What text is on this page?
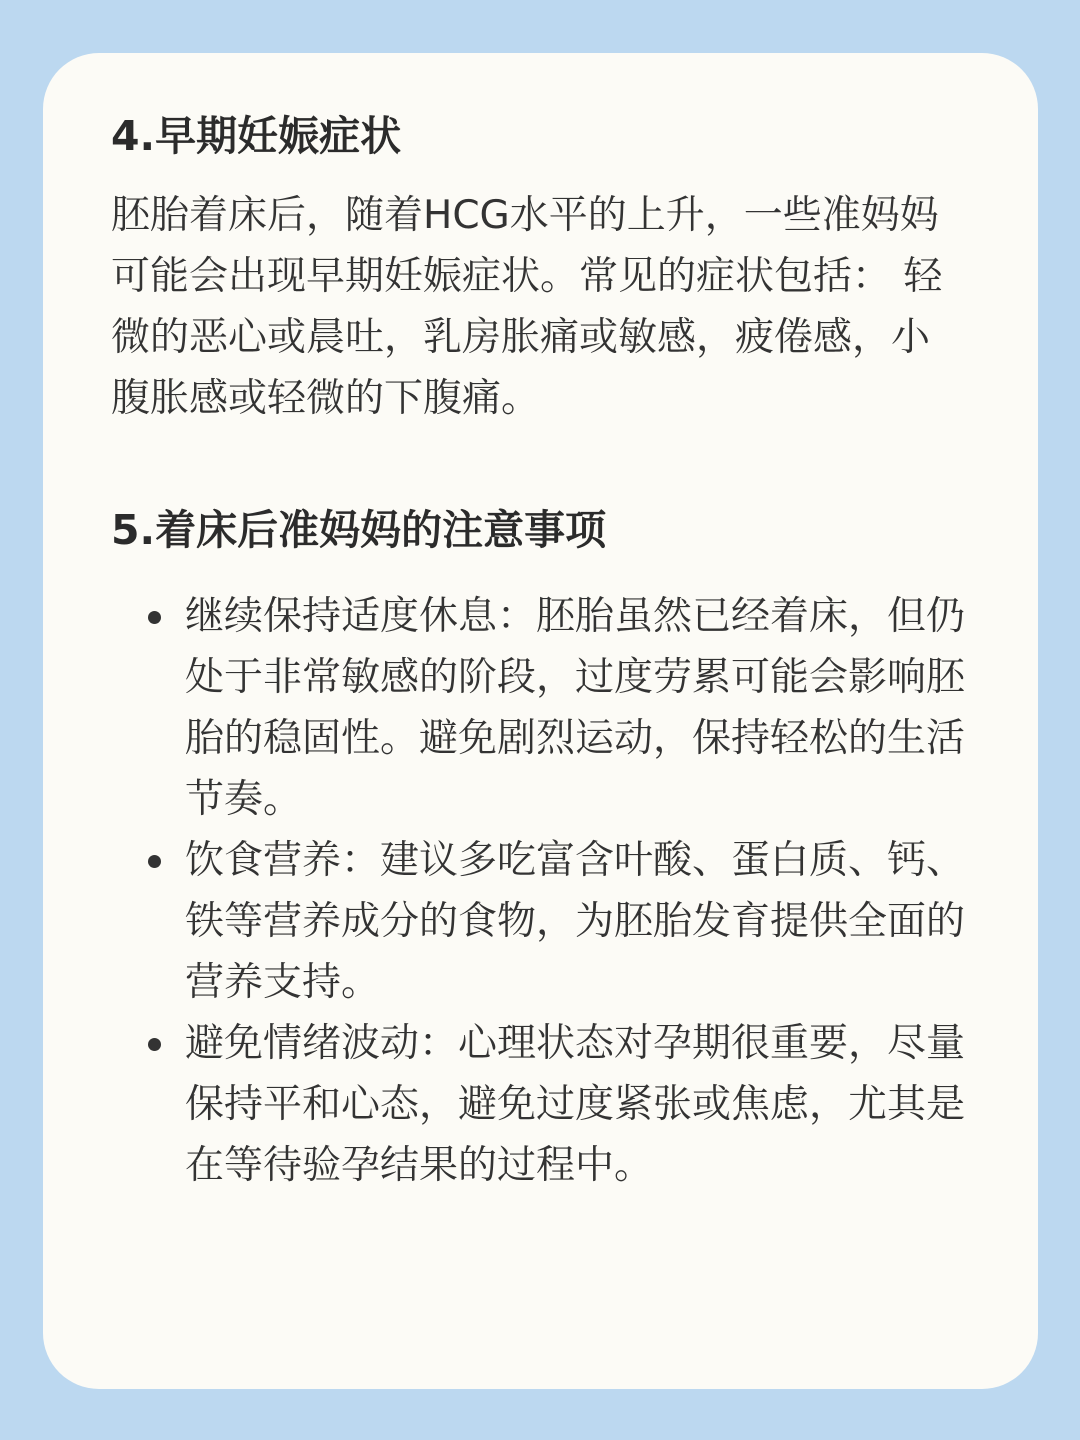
4.早期妊娠症状

胚胎着床后，随着HCG水平的上升，一些准妈妈可能会出现早期妊娠症状。常见的症状包括： 轻微的恶心或晨吐，乳房胀痛或敏感，疲倦感，小腹胀感或轻微的下腹痛。

5.着床后准妈妈的注意事项
继续保持适度休息：胚胎虽然已经着床，但仍处于非常敏感的阶段，过度劳累可能会影响胚胎的稳固性。避免剧烈运动，保持轻松的生活节奏。
饮食营养：建议多吃富含叶酸、蛋白质、钙、铁等营养成分的食物，为胚胎发育提供全面的营养支持。
避免情绪波动：心理状态对孕期很重要，尽量保持平和心态，避免过度紧张或焦虑，尤其是在等待验孕结果的过程中。
